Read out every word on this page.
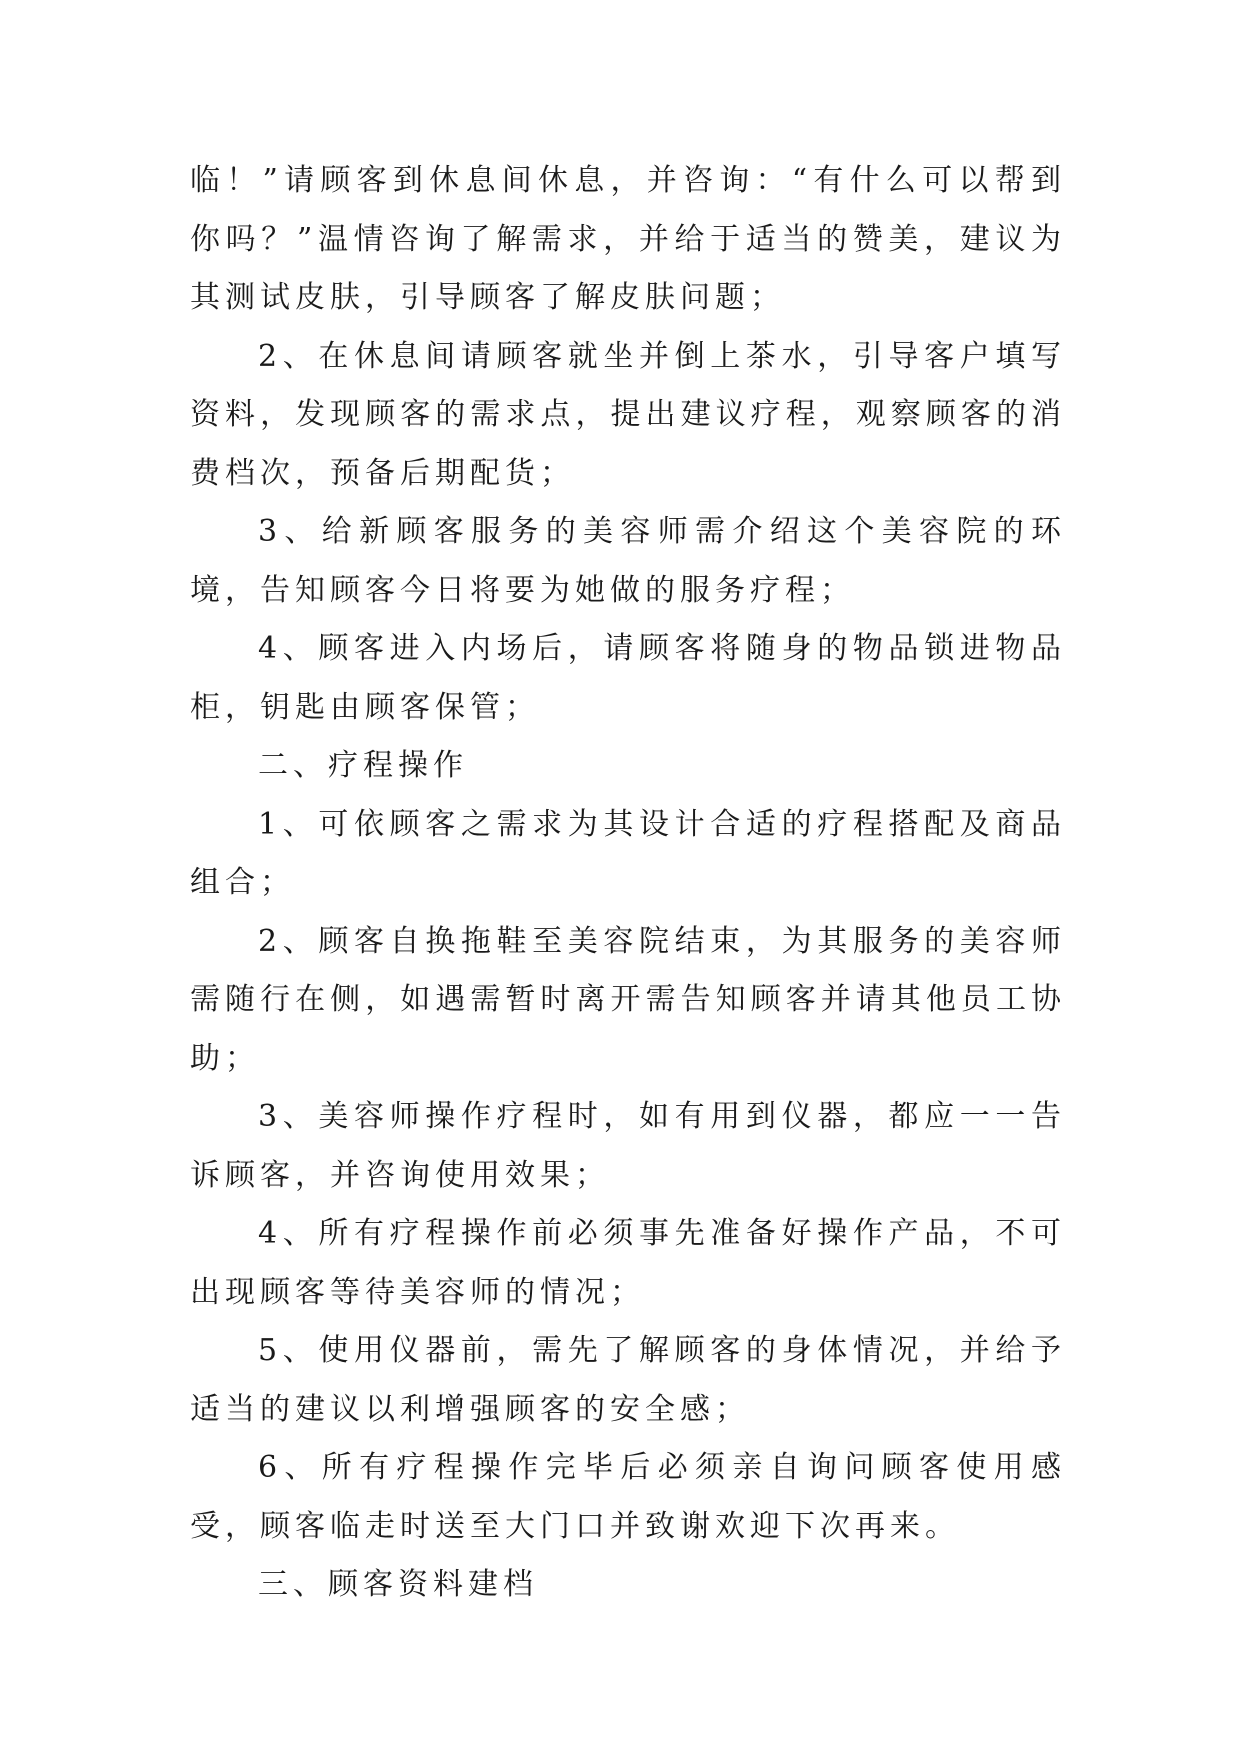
临！”请顾客到休息间休息，并咨询：“有什么可以帮到你吗？”温情咨询了解需求，并给于适当的赞美，建议为其测试皮肤，引导顾客了解皮肤问题；

2、在休息间请顾客就坐并倒上茶水，引导客户填写资料，发现顾客的需求点，提出建议疗程，观察顾客的消费档次，预备后期配货；

3、给新顾客服务的美容师需介绍这个美容院的环境，告知顾客今日将要为她做的服务疗程；

4、顾客进入内场后，请顾客将随身的物品锁进物品柜，钥匙由顾客保管；

二、疗程操作

1、可依顾客之需求为其设计合适的疗程搭配及商品组合；

2、顾客自换拖鞋至美容院结束，为其服务的美容师需随行在侧，如遇需暂时离开需告知顾客并请其他员工协助；

3、美容师操作疗程时，如有用到仪器，都应一一告诉顾客，并咨询使用效果；

4、所有疗程操作前必须事先准备好操作产品，不可出现顾客等待美容师的情况；

5、使用仪器前，需先了解顾客的身体情况，并给予适当的建议以利增强顾客的安全感；

6、所有疗程操作完毕后必须亲自询问顾客使用感受，顾客临走时送至大门口并致谢欢迎下次再来。

三、顾客资料建档
